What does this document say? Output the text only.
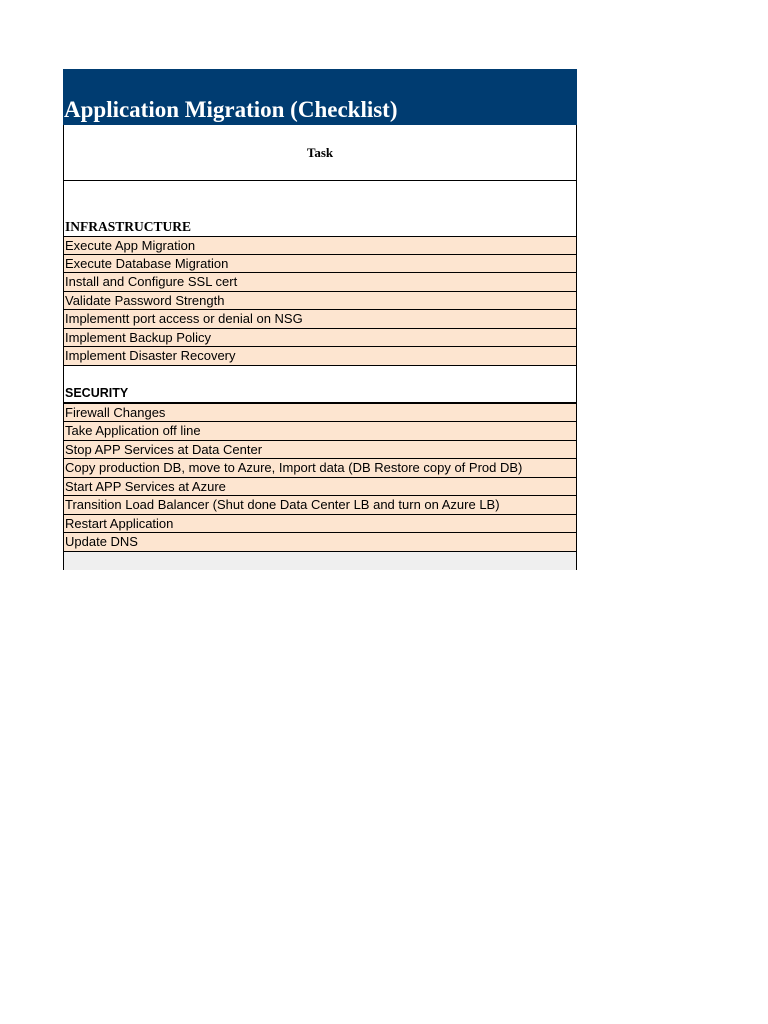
Application Migration (Checklist)
Task
INFRASTRUCTURE
Execute App Migration
Execute Database Migration
Install and Configure SSL cert
Validate Password Strength
Implementt port access or denial on NSG
Implement Backup Policy
Implement Disaster Recovery
SECURITY
Firewall Changes
Take Application off line
Stop APP Services at Data Center
Copy production DB, move to Azure, Import data (DB Restore copy of Prod DB)
Start APP Services at Azure
Transition Load Balancer (Shut done Data Center LB and turn on Azure LB)
Restart Application
Update DNS
